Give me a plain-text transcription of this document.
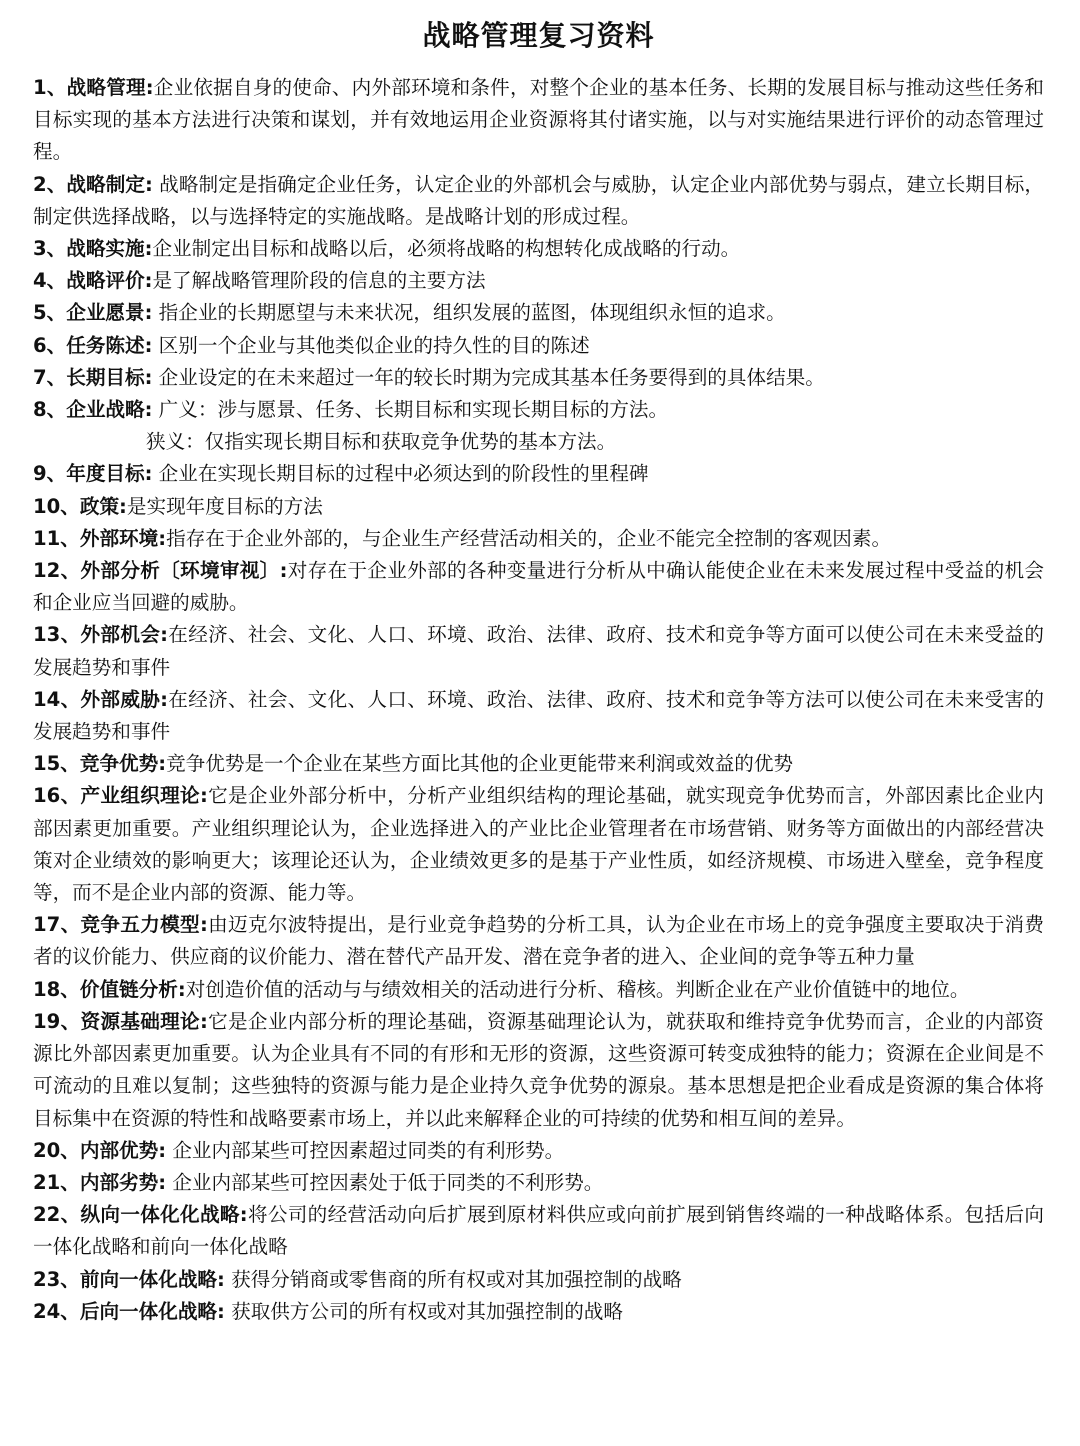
战略管理复习资料

1、战略管理:企业依据自身的使命、内外部环境和条件，对整个企业的基本任务、长期的发展目标与推动这些任务和目标实现的基本方法进行决策和谋划，并有效地运用企业资源将其付诸实施，以与对实施结果进行评价的动态管理过程。

2、战略制定: 战略制定是指确定企业任务，认定企业的外部机会与威胁，认定企业内部优势与弱点，建立长期目标，制定供选择战略，以与选择特定的实施战略。是战略计划的形成过程。

3、战略实施:企业制定出目标和战略以后，必须将战略的构想转化成战略的行动。

4、战略评价:是了解战略管理阶段的信息的主要方法

5、企业愿景: 指企业的长期愿望与未来状况，组织发展的蓝图，体现组织永恒的追求。

6、任务陈述: 区别一个企业与其他类似企业的持久性的目的陈述

7、长期目标: 企业设定的在未来超过一年的较长时期为完成其基本任务要得到的具体结果。

8、企业战略: 广义：涉与愿景、任务、长期目标和实现长期目标的方法。
狭义：仅指实现长期目标和获取竞争优势的基本方法。

9、年度目标: 企业在实现长期目标的过程中必须达到的阶段性的里程碑

10、政策:是实现年度目标的方法

11、外部环境:指存在于企业外部的，与企业生产经营活动相关的，企业不能完全控制的客观因素。

12、外部分析〔环境审视〕:对存在于企业外部的各种变量进行分析从中确认能使企业在未来发展过程中受益的机会和企业应当回避的威胁。

13、外部机会:在经济、社会、文化、人口、环境、政治、法律、政府、技术和竞争等方面可以使公司在未来受益的发展趋势和事件

14、外部威胁:在经济、社会、文化、人口、环境、政治、法律、政府、技术和竞争等方法可以使公司在未来受害的发展趋势和事件

15、竞争优势:竞争优势是一个企业在某些方面比其他的企业更能带来利润或效益的优势

16、产业组织理论:它是企业外部分析中，分析产业组织结构的理论基础，就实现竞争优势而言，外部因素比企业内部因素更加重要。产业组织理论认为，企业选择进入的产业比企业管理者在市场营销、财务等方面做出的内部经营决策对企业绩效的影响更大；该理论还认为，企业绩效更多的是基于产业性质，如经济规模、市场进入壁垒，竞争程度等，而不是企业内部的资源、能力等。

17、竞争五力模型:由迈克尔波特提出，是行业竞争趋势的分析工具，认为企业在市场上的竞争强度主要取决于消费者的议价能力、供应商的议价能力、潜在替代产品开发、潜在竞争者的进入、企业间的竞争等五种力量

18、价值链分析:对创造价值的活动与与绩效相关的活动进行分析、稽核。判断企业在产业价值链中的地位。

19、资源基础理论:它是企业内部分析的理论基础，资源基础理论认为，就获取和维持竞争优势而言，企业的内部资源比外部因素更加重要。认为企业具有不同的有形和无形的资源，这些资源可转变成独特的能力；资源在企业间是不可流动的且难以复制；这些独特的资源与能力是企业持久竞争优势的源泉。基本思想是把企业看成是资源的集合体将目标集中在资源的特性和战略要素市场上，并以此来解释企业的可持续的优势和相互间的差异。

20、内部优势: 企业内部某些可控因素超过同类的有利形势。

21、内部劣势: 企业内部某些可控因素处于低于同类的不利形势。

22、纵向一体化化战略:将公司的经营活动向后扩展到原材料供应或向前扩展到销售终端的一种战略体系。包括后向一体化战略和前向一体化战略

23、前向一体化战略: 获得分销商或零售商的所有权或对其加强控制的战略

24、后向一体化战略: 获取供方公司的所有权或对其加强控制的战略
